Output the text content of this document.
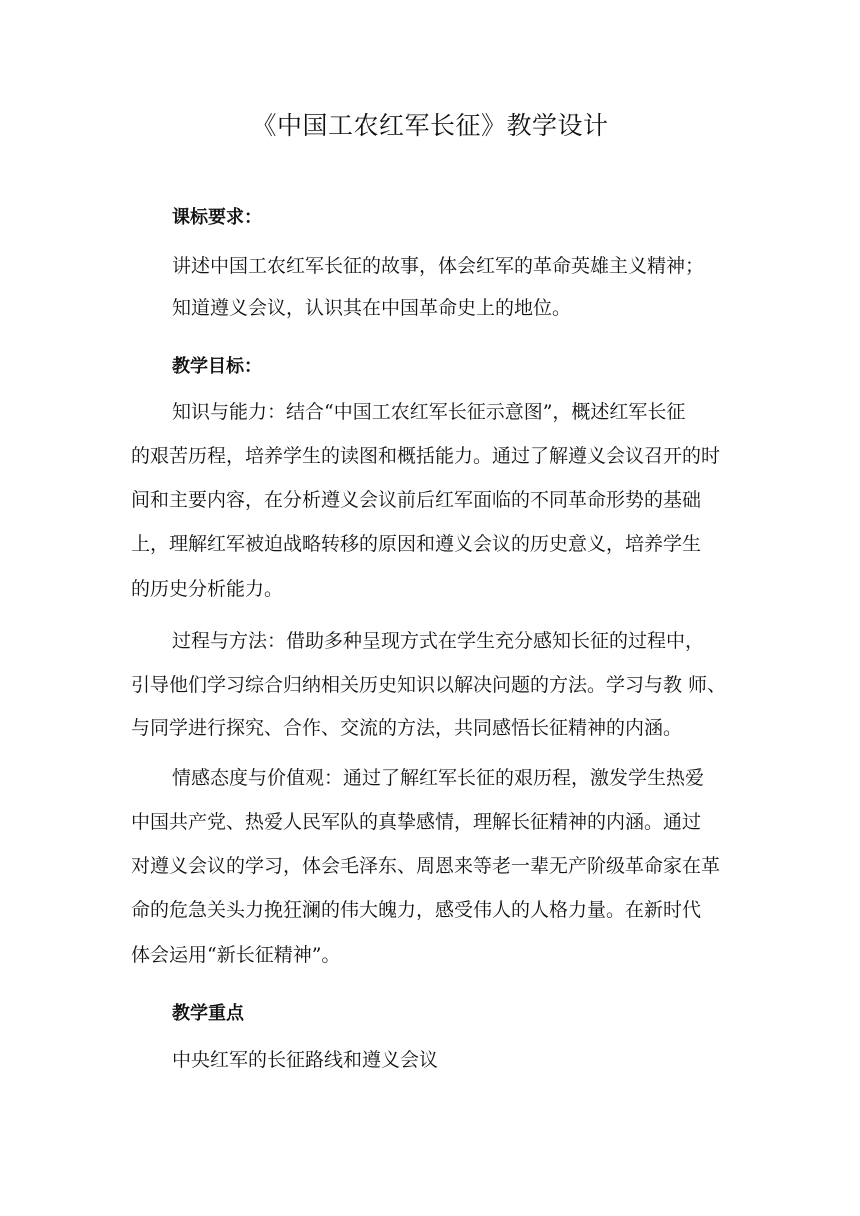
《中国工农红军长征》教学设计
课标要求：
讲述中国工农红军长征的故事，体会红军的革命英雄主义精神；
知道遵义会议，认识其在中国革命史上的地位。
教学目标：
知识与能力：结合“中国工农红军长征示意图”，概述红军长征
的艰苦历程，培养学生的读图和概括能力。通过了解遵义会议召开的时
间和主要内容，在分析遵义会议前后红军面临的不同革命形势的基础
上，理解红军被迫战略转移的原因和遵义会议的历史意义，培养学生
的历史分析能力。
过程与方法：借助多种呈现方式在学生充分感知长征的过程中，
引导他们学习综合归纳相关历史知识以解决问题的方法。学习与教 师、
与同学进行探究、合作、交流的方法，共同感悟长征精神的内涵。
情感态度与价值观：通过了解红军长征的艰历程，激发学生热爱
中国共产党、热爱人民军队的真挚感情，理解长征精神的内涵。通过
对遵义会议的学习，体会毛泽东、周恩来等老一辈无产阶级革命家在革
命的危急关头力挽狂澜的伟大魄力，感受伟人的人格力量。在新时代
体会运用“新长征精神”。
教学重点
中央红军的长征路线和遵义会议
